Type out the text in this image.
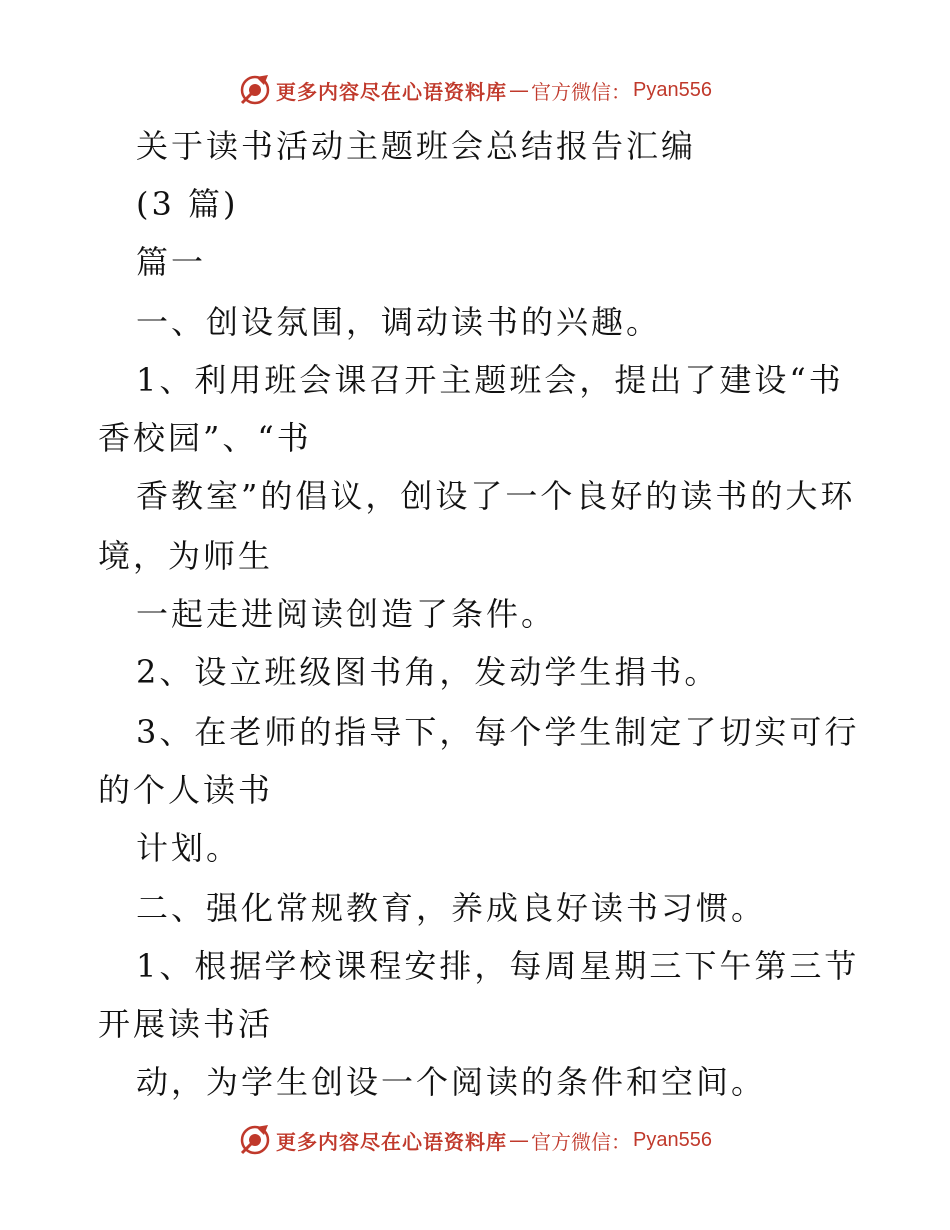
更多内容尽在心语资料库 — 官方微信： Pyan556
关于读书活动主题班会总结报告汇编
(3 篇)
篇一
一、创设氛围，调动读书的兴趣。
1、利用班会课召开主题班会，提出了建设“书
香校园”、“书
香教室”的倡议，创设了一个良好的读书的大环
境，为师生
一起走进阅读创造了条件。
2、设立班级图书角，发动学生捐书。
3、在老师的指导下，每个学生制定了切实可行
的个人读书
计划。
二、强化常规教育，养成良好读书习惯。
1、根据学校课程安排，每周星期三下午第三节
开展读书活
动，为学生创设一个阅读的条件和空间。
更多内容尽在心语资料库 — 官方微信： Pyan556
